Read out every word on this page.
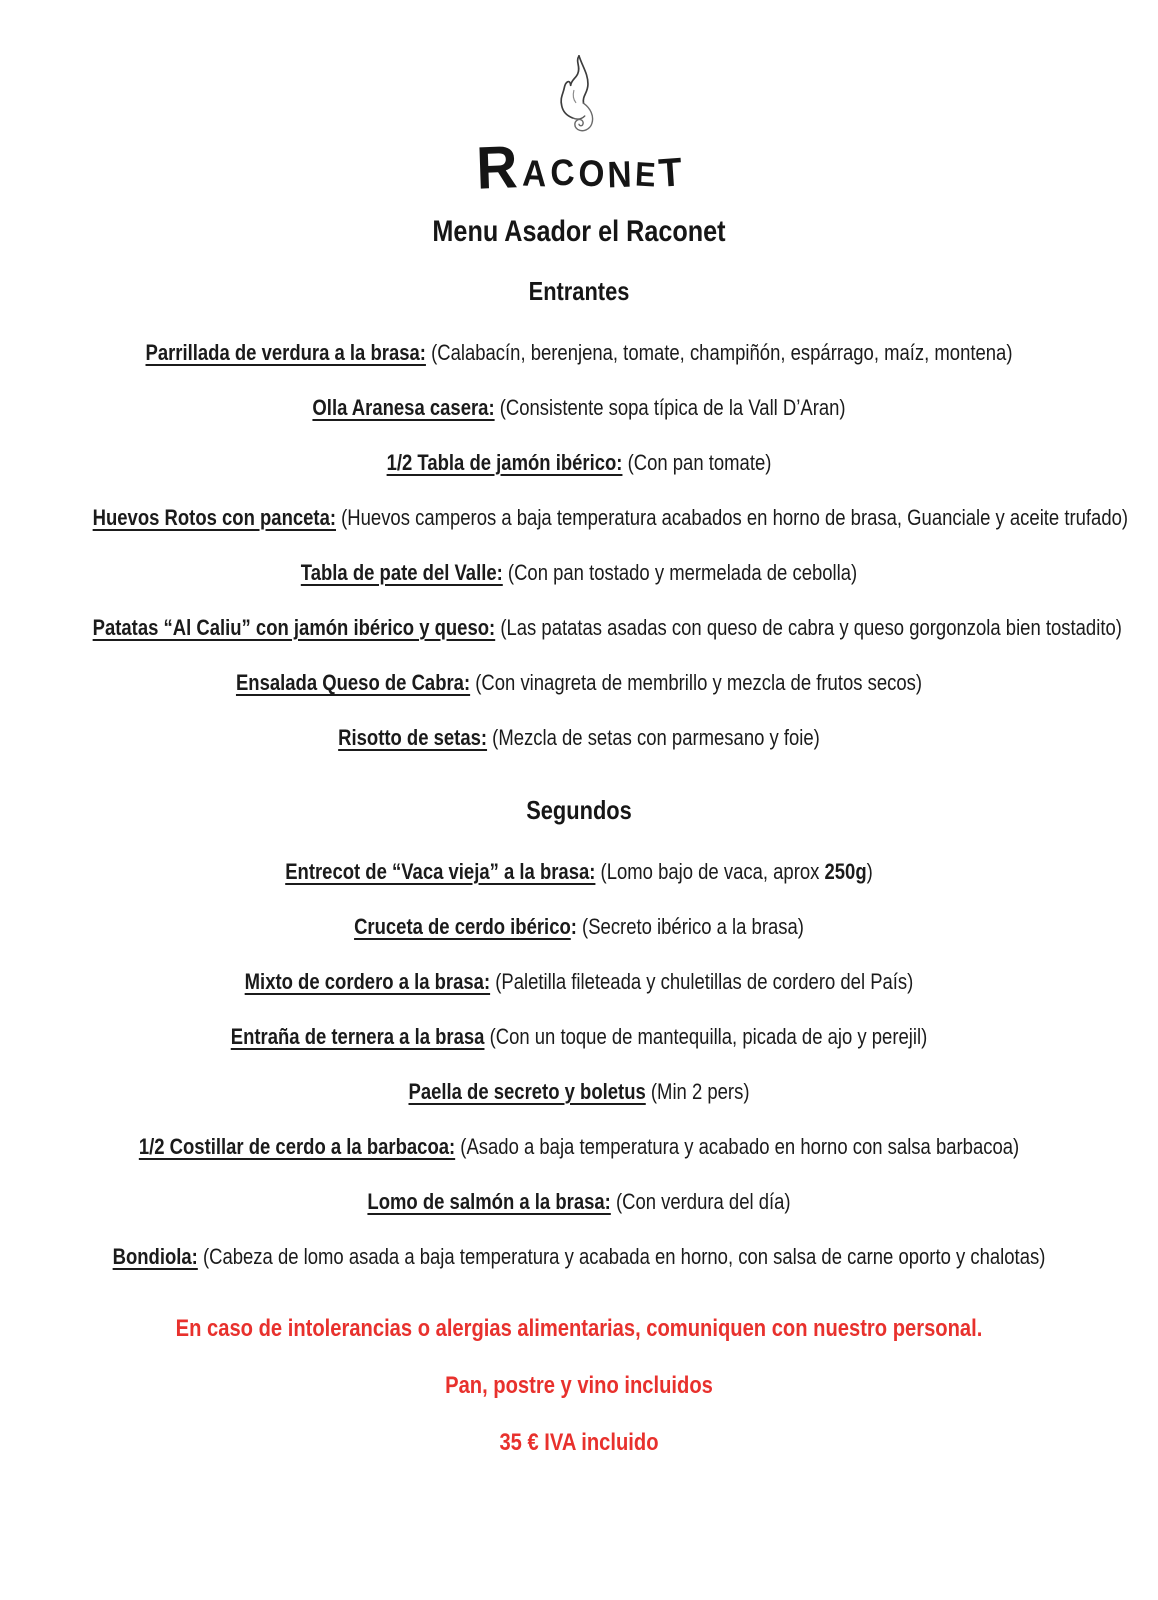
R A C O N E T
Menu Asador el Raconet
Entrantes
Parrillada de verdura a la brasa: (Calabacín, berenjena, tomate, champiñón, espárrago, maíz, montena)
Olla Aranesa casera: (Consistente sopa típica de la Vall D’Aran)
1/2 Tabla de jamón ibérico: (Con pan tomate)
Huevos Rotos con panceta: (Huevos camperos a baja temperatura acabados en horno de brasa, Guanciale y aceite trufado)
Tabla de pate del Valle: (Con pan tostado y mermelada de cebolla)
Patatas “Al Caliu” con jamón ibérico y queso: (Las patatas asadas con queso de cabra y queso gorgonzola bien tostadito)
Ensalada Queso de Cabra: (Con vinagreta de membrillo y mezcla de frutos secos)
Risotto de setas: (Mezcla de setas con parmesano y foie)
Segundos
Entrecot de “Vaca vieja” a la brasa: (Lomo bajo de vaca, aprox 250g)
Cruceta de cerdo ibérico: (Secreto ibérico a la brasa)
Mixto de cordero a la brasa: (Paletilla fileteada y chuletillas de cordero del País)
Entraña de ternera a la brasa (Con un toque de mantequilla, picada de ajo y perejil)
Paella de secreto y boletus (Min 2 pers)
1/2 Costillar de cerdo a la barbacoa: (Asado a baja temperatura y acabado en horno con salsa barbacoa)
Lomo de salmón a la brasa: (Con verdura del día)
Bondiola: (Cabeza de lomo asada a baja temperatura y acabada en horno, con salsa de carne oporto y chalotas)
En caso de intolerancias o alergias alimentarias, comuniquen con nuestro personal.
Pan, postre y vino incluidos
35 € IVA incluido
